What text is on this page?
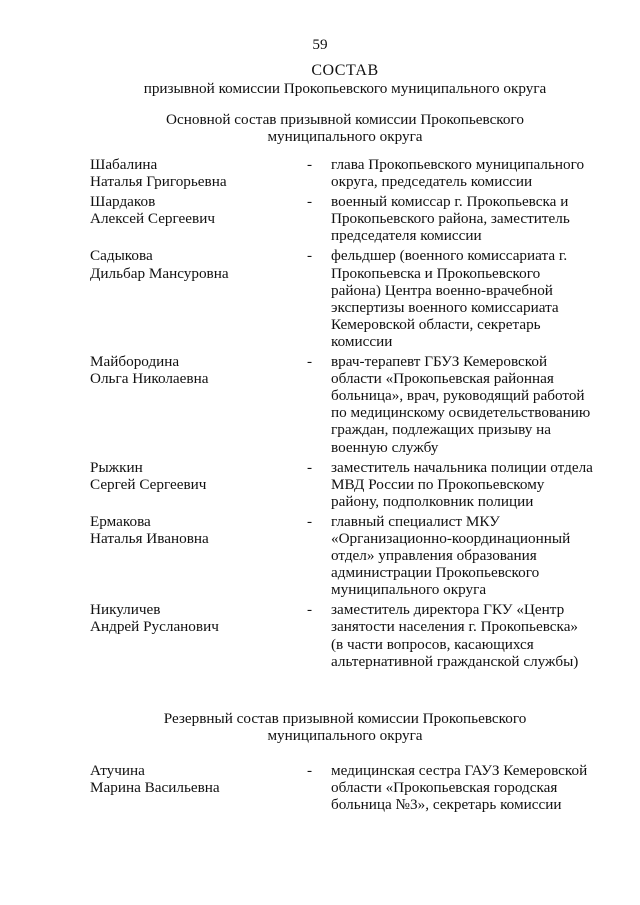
59
СОСТАВ
призывной комиссии Прокопьевского муниципального округа
Основной состав призывной комиссии Прокопьевского
муниципального округа
Шабалина
Наталья Григорьевна
-	глава Прокопьевского муниципального округа, председатель комиссии
Шардаков
Алексей Сергеевич
-	военный комиссар г. Прокопьевска и Прокопьевского района, заместитель председателя комиссии
Садыкова
Дильбар Мансуровна
-	фельдшер (военного комиссариата г. Прокопьевска и Прокопьевского района) Центра военно-врачебной экспертизы военного комиссариата Кемеровской области, секретарь комиссии
Майбородина
Ольга Николаевна
-	врач-терапевт ГБУЗ Кемеровской области «Прокопьевская районная больница», врач, руководящий работой по медицинскому освидетельствованию граждан, подлежащих призыву на военную службу
Рыжкин
Сергей Сергеевич
-	заместитель начальника полиции отдела МВД России по Прокопьевскому району, подполковник полиции
Ермакова
Наталья Ивановна
-	главный специалист МКУ «Организационно-координационный отдел» управления образования администрации Прокопьевского муниципального округа
Никуличев
Андрей Русланович
-	заместитель директора ГКУ «Центр занятости населения г. Прокопьевска» (в части вопросов, касающихся альтернативной гражданской службы)
Резервный состав призывной комиссии Прокопьевского
муниципального округа
Атучина
Марина Васильевна
-	медицинская сестра ГАУЗ Кемеровской области «Прокопьевская городская больница №3», секретарь комиссии
